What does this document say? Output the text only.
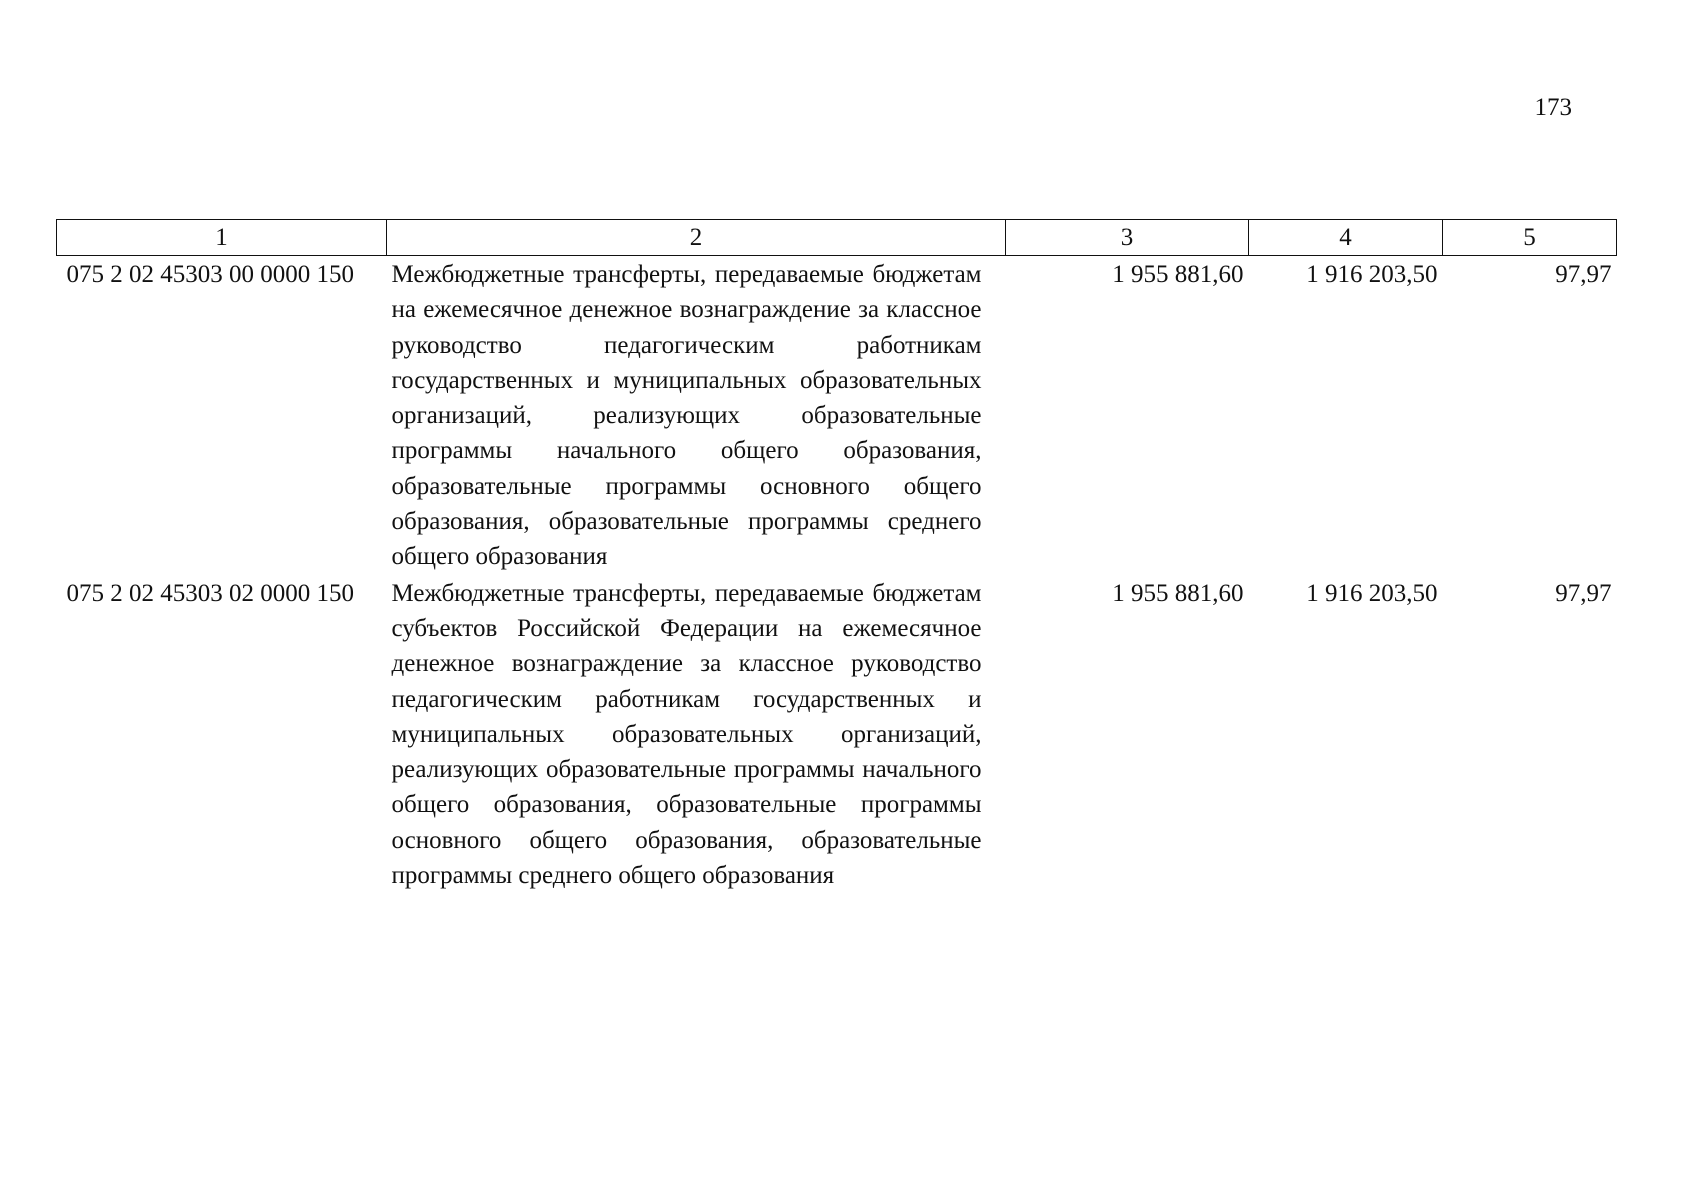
173
1	2	3	4	5
075 2 02 45303 00 0000 150	Межбюджетные трансферты, передаваемые бюджетам на ежемесячное денежное вознаграждение за классное руководство педагогическим работникам государственных и муниципальных образовательных организаций, реализующих образовательные программы начального общего образования, образовательные программы основного общего образования, образовательные программы среднего общего образования	1 955 881,60	1 916 203,50	97,97
075 2 02 45303 02 0000 150	Межбюджетные трансферты, передаваемые бюджетам субъектов Российской Федерации на ежемесячное денежное вознаграждение за классное руководство педагогическим работникам государственных и муниципальных образовательных организаций, реализующих образовательные программы начального общего образования, образовательные программы основного общего образования, образовательные программы среднего общего образования	1 955 881,60	1 916 203,50	97,97
